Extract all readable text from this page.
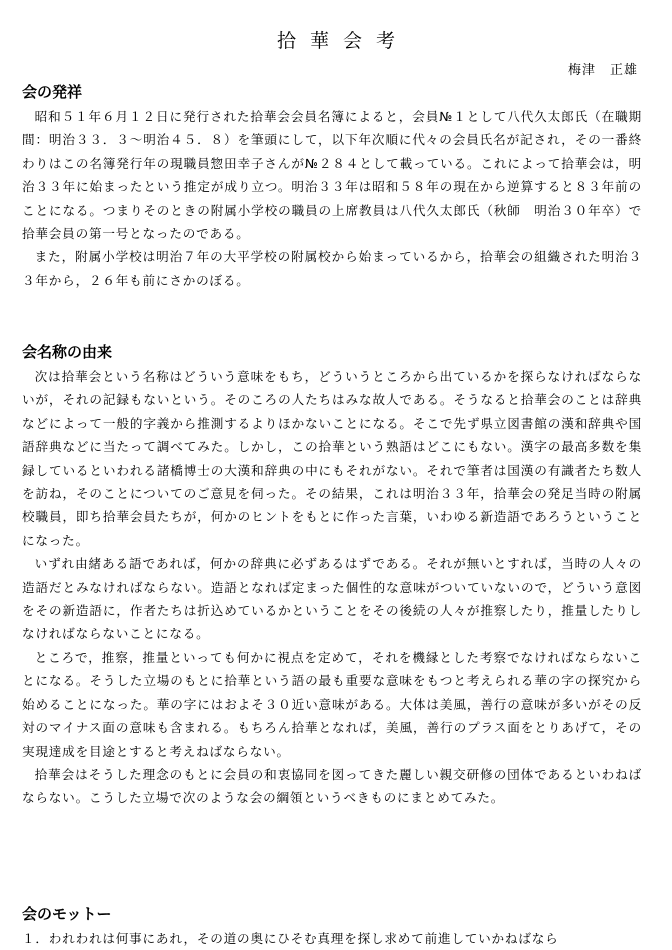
拾華会考
梅津　正雄
会の発祥

昭和５１年６月１２日に発行された拾華会会員名簿によると，会員№１として八代久太郎氏（在職期間：明治３３．３～明治４５．８）を筆頭にして，以下年次順に代々の会員氏名が記され，その一番終わりはこの名簿発行年の現職員惣田幸子さんが№２８４として載っている。これによって拾華会は，明治３３年に始まったという推定が成り立つ。明治３３年は昭和５８年の現在から逆算すると８３年前のことになる。つまりそのときの附属小学校の職員の上席教員は八代久太郎氏（秋師　明治３０年卒）で拾華会員の第一号となったのである。

また，附属小学校は明治７年の大平学校の附属校から始まっているから，拾華会の組織された明治３３年から，２６年も前にさかのぼる。

会名称の由来

次は拾華会という名称はどういう意味をもち，どういうところから出ているかを探らなければならないが，それの記録もないという。そのころの人たちはみな故人である。そうなると拾華会のことは辞典などによって一般的字義から推測するよりほかないことになる。そこで先ず県立図書館の漢和辞典や国語辞典などに当たって調べてみた。しかし，この拾華という熟語はどこにもない。漢字の最高多数を集録しているといわれる諸橋博士の大漢和辞典の中にもそれがない。それで筆者は国漢の有識者たち数人を訪ね，そのことについてのご意見を伺った。その結果，これは明治３３年，拾華会の発足当時の附属校職員，即ち拾華会員たちが，何かのヒントをもとに作った言葉，いわゆる新造語であろうということになった。

いずれ由緒ある語であれば，何かの辞典に必ずあるはずである。それが無いとすれば，当時の人々の造語だとみなければならない。造語となれば定まった個性的な意味がついていないので，どういう意図をその新造語に，作者たちは折込めているかということをその後続の人々が推察したり，推量したりしなければならないことになる。

ところで，推察，推量といっても何かに視点を定めて，それを機縁とした考察でなければならないことになる。そうした立場のもとに拾華という語の最も重要な意味をもつと考えられる華の字の探究から始めることになった。華の字にはおよそ３０近い意味がある。大体は美風，善行の意味が多いがその反対のマイナス面の意味も含まれる。もちろん拾華となれば，美風，善行のプラス面をとりあげて，その実現達成を目途とすると考えねばならない。

拾華会はそうした理念のもとに会員の和衷協同を図ってきた麗しい親交研修の団体であるといわねばならない。こうした立場で次のような会の綱領というべきものにまとめてみた。

会のモットー

１．われわれは何事にあれ，その道の奥にひそむ真理を探し求めて前進していかねばなら
